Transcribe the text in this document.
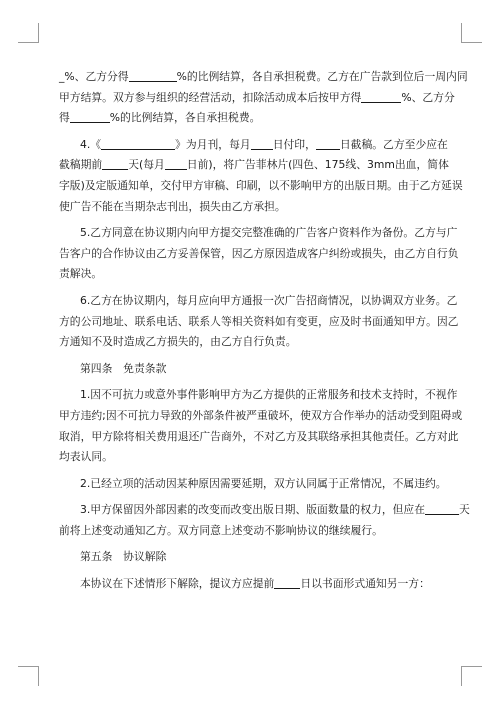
_%、乙方分得	%的比例结算，各自承担税费。乙方在广告款到位后一周内同
甲方结算。双方参与组织的经营活动，扣除活动成本后按甲方得	%、乙方分
得	%的比例结算，各自承担税费。
4.《	》为月刊，每月 日付印， 日截稿。乙方至少应在
截稿期前 天(每月 日前)，将广告菲林片(四色、175线、3mm出血，简体
字版)及定版通知单，交付甲方审稿、印刷，以不影响甲方的出版日期。由于乙方延误
使广告不能在当期杂志刊出，损失由乙方承担。
5.乙方同意在协议期内向甲方提交完整准确的广告客户资料作为备份。乙方与广
告客户的合作协议由乙方妥善保管，因乙方原因造成客户纠纷或损失，由乙方自行负
责解决。
6.乙方在协议期内，每月应向甲方通报一次广告招商情况，以协调双方业务。乙
方的公司地址、联系电话、联系人等相关资料如有变更，应及时书面通知甲方。因乙
方通知不及时造成乙方损失的，由乙方自行负责。
第四条　免责条款
1.因不可抗力或意外事件影响甲方为乙方提供的正常服务和技术支持时，不视作
甲方违约;因不可抗力导致的外部条件被严重破坏，使双方合作举办的活动受到阻碍或
取消，甲方除将相关费用退还广告商外，不对乙方及其联络承担其他责任。乙方对此
均表认同。
2.已经立项的活动因某种原因需要延期，双方认同属于正常情况，不属违约。
3.甲方保留因外部因素的改变而改变出版日期、版面数量的权力，但应在	天
前将上述变动通知乙方。双方同意上述变动不影响协议的继续履行。
第五条　协议解除
本协议在下述情形下解除，提议方应提前 日以书面形式通知另一方：
